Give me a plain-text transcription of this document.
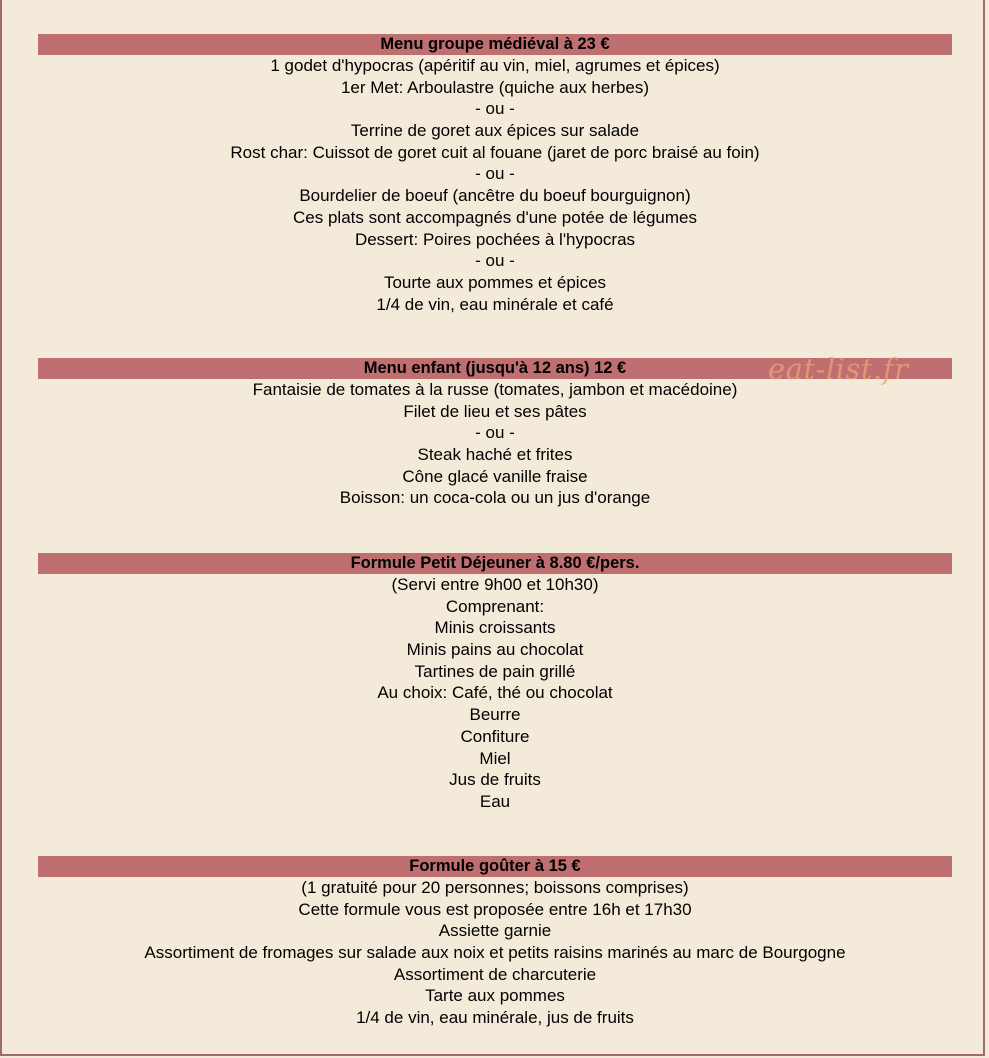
Menu groupe médiéval à 23 €
1 godet d'hypocras (apéritif au vin, miel, agrumes et épices)
1er Met: Arboulastre (quiche aux herbes)
- ou -
Terrine de goret aux épices sur salade
Rost char: Cuissot de goret cuit al fouane (jaret de porc braisé au foin)
- ou -
Bourdelier de boeuf (ancêtre du boeuf bourguignon)
Ces plats sont accompagnés d'une potée de légumes
Dessert: Poires pochées à l'hypocras
- ou -
Tourte aux pommes et épices
1/4 de vin, eau minérale et café
Menu enfant (jusqu'à 12 ans) 12 €
Fantaisie de tomates à la russe (tomates, jambon et macédoine)
Filet de lieu et ses pâtes
- ou -
Steak haché et frites
Cône glacé vanille fraise
Boisson: un coca-cola ou un jus d'orange
Formule Petit Déjeuner à 8.80 €/pers.
(Servi entre 9h00 et 10h30)
Comprenant:
Minis croissants
Minis pains au chocolat
Tartines de pain grillé
Au choix: Café, thé ou chocolat
Beurre
Confiture
Miel
Jus de fruits
Eau
Formule goûter à 15 €
(1 gratuité pour 20 personnes; boissons comprises)
Cette formule vous est proposée entre 16h et 17h30
Assiette garnie
Assortiment de fromages sur salade aux noix et petits raisins marinés au marc de Bourgogne
Assortiment de charcuterie
Tarte aux pommes
1/4 de vin, eau minérale, jus de fruits
eat-list.fr
